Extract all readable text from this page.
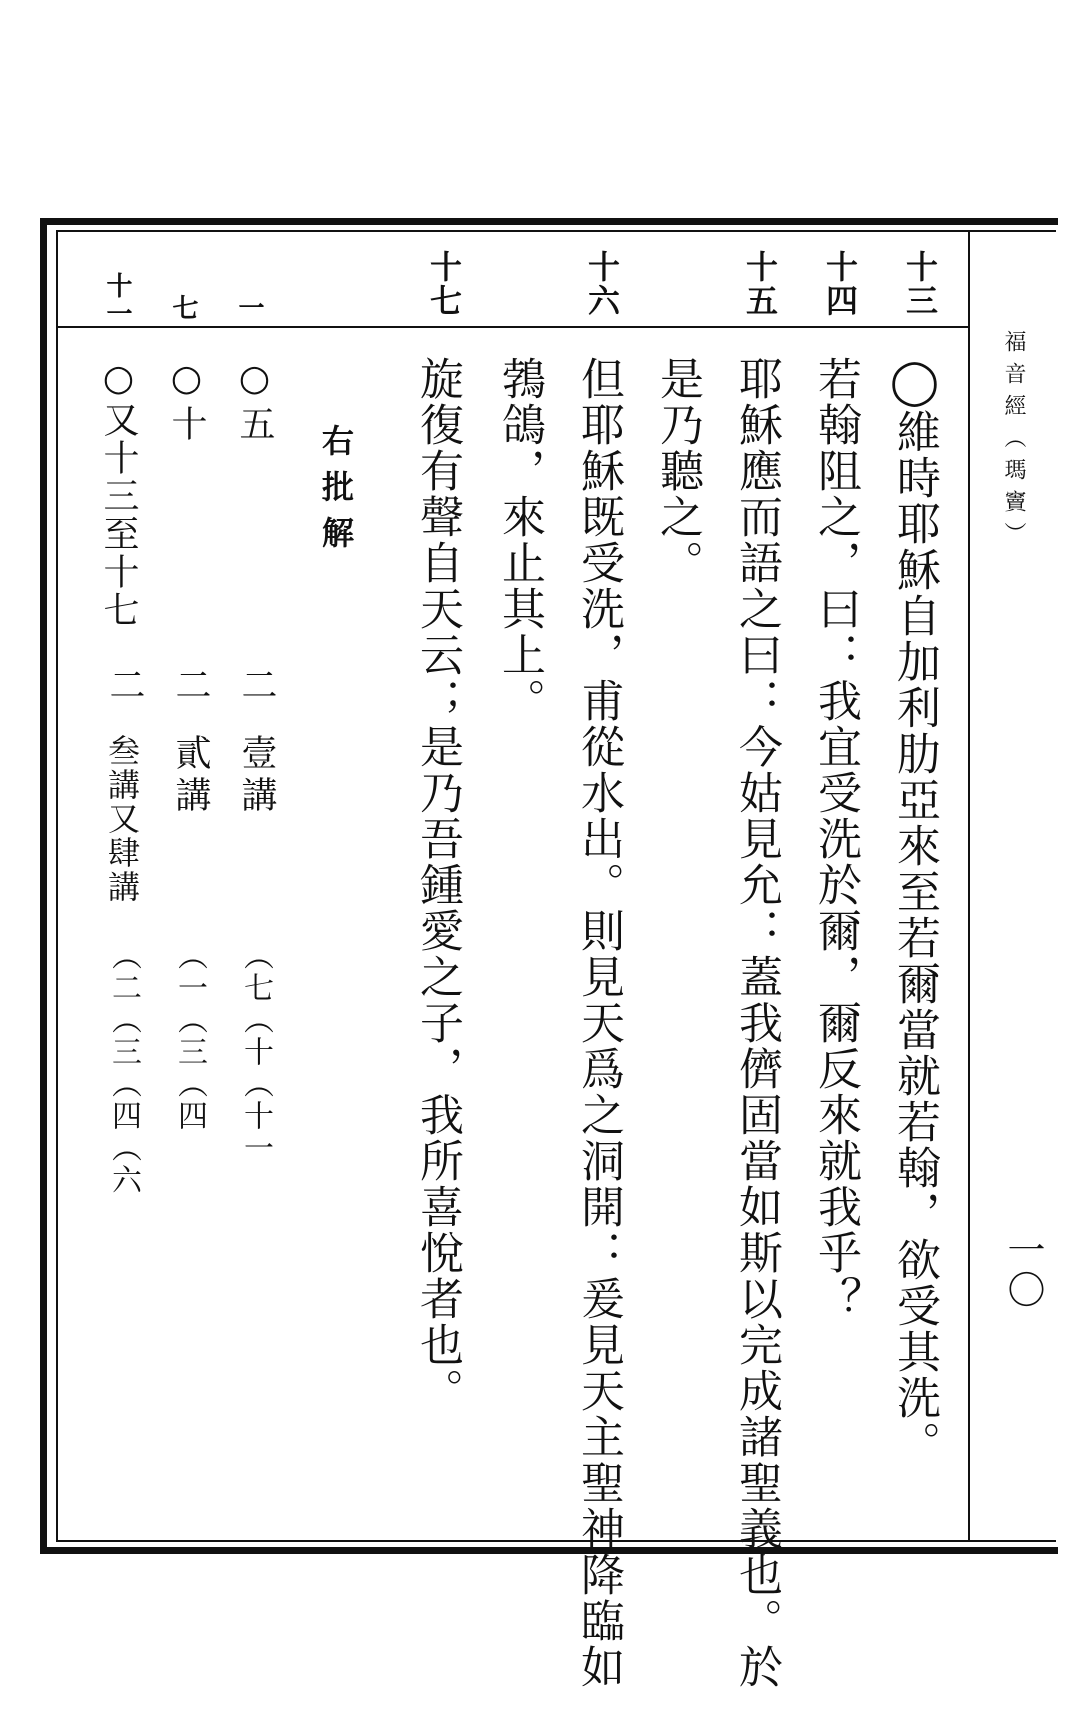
福音經（瑪竇）
一〇
十三
十四
十五
十六
十七
◯維時耶穌自加利肋亞來至若爾當就若翰，欲受其洗。
若翰阻之，曰：我宜受洗於爾，爾反來就我乎？
耶穌應而語之曰：今姑見允：蓋我儕固當如斯以完成諸聖義也。於
是乃聽之。
但耶穌既受洗，甫從水出。則見天爲之洞開：爰見天主聖神降臨如
鵓鴿，來止其上。
旋復有聲自天云；是乃吾鍾愛之子，我所喜悅者也。
右批解
一
七
十一
○五
二
壹講
（七（十（十一
○十
二
貳講
（一（三（四
○又十三至十七
二
叁講又肆講
（二（三（四（六
